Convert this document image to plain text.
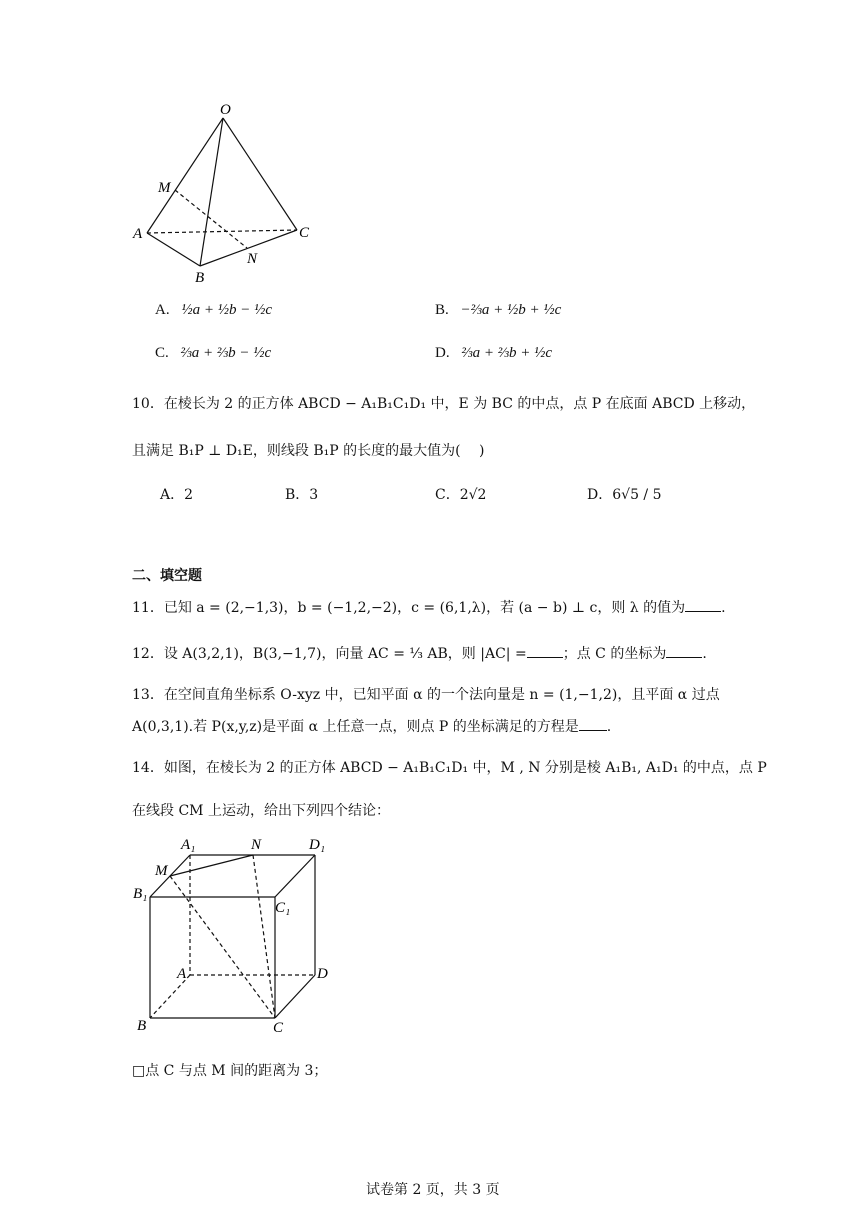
O
M
A	C
B
N
A. ½a + ½b − ½c	B. −⅔a + ½b + ½c
C. ⅔a + ⅔b − ½c	D. ⅔a + ⅔b + ½c
10．在棱长为 2 的正方体 ABCD − A₁B₁C₁D₁ 中，E 为 BC 的中点，点 P 在底面 ABCD 上移动，
且满足 B₁P ⊥ D₁E，则线段 B₁P 的长度的最大值为(　 )
A．2	B．3	C．2√2	D．6√5 / 5
二、填空题
11．已知 a = (2,−1,3)，b = (−1,2,−2)，c = (6,1,λ)，若 (a − b) ⊥ c，则 λ 的值为	.
12．设 A(3,2,1)，B(3,−1,7)，向量 AC = ⅓ AB，则 |AC| =	；点 C 的坐标为	.
13．在空间直角坐标系 O-xyz 中，已知平面 α 的一个法向量是 n = (1,−1,2)，且平面 α 过点
A(0,3,1).若 P(x,y,z)是平面 α 上任意一点，则点 P 的坐标满足的方程是 .
14．如图，在棱长为 2 的正方体 ABCD − A₁B₁C₁D₁ 中，M , N 分别是棱 A₁B₁, A₁D₁ 的中点，点 P
在线段 CM 上运动，给出下列四个结论：
A₁	N	D₁
M
B₁
C₁
A	D
B	C
□点 C 与点 M 间的距离为 3；
试卷第 2 页，共 3 页
